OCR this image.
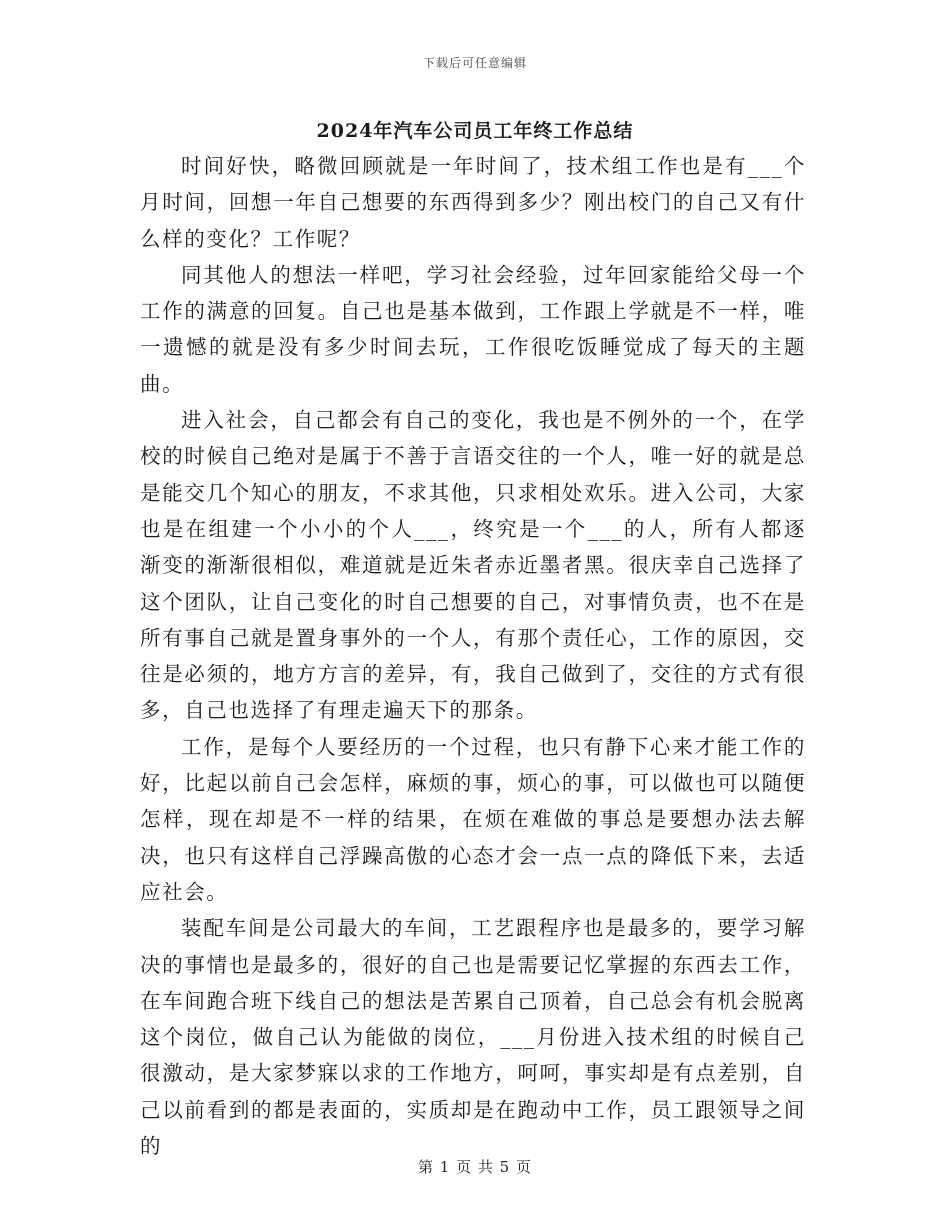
下载后可任意编辑
2024年汽车公司员工年终工作总结

时间好快，略微回顾就是一年时间了，技术组工作也是有___个月时间，回想一年自己想要的东西得到多少？刚出校门的自己又有什么样的变化？工作呢？

同其他人的想法一样吧，学习社会经验，过年回家能给父母一个工作的满意的回复。自己也是基本做到，工作跟上学就是不一样，唯一遗憾的就是没有多少时间去玩，工作很吃饭睡觉成了每天的主题曲。

进入社会，自己都会有自己的变化，我也是不例外的一个，在学校的时候自己绝对是属于不善于言语交往的一个人，唯一好的就是总是能交几个知心的朋友，不求其他，只求相处欢乐。进入公司，大家也是在组建一个小小的个人___，终究是一个___的人，所有人都逐渐变的渐渐很相似，难道就是近朱者赤近墨者黑。很庆幸自己选择了这个团队，让自己变化的时自己想要的自己，对事情负责，也不在是所有事自己就是置身事外的一个人，有那个责任心，工作的原因，交往是必须的，地方方言的差异，有，我自己做到了，交往的方式有很多，自己也选择了有理走遍天下的那条。

工作，是每个人要经历的一个过程，也只有静下心来才能工作的好，比起以前自己会怎样，麻烦的事，烦心的事，可以做也可以随便怎样，现在却是不一样的结果，在烦在难做的事总是要想办法去解决，也只有这样自己浮躁高傲的心态才会一点一点的降低下来，去适应社会。

装配车间是公司最大的车间，工艺跟程序也是最多的，要学习解决的事情也是最多的，很好的自己也是需要记忆掌握的东西去工作，在车间跑合班下线自己的想法是苦累自己顶着，自己总会有机会脱离这个岗位，做自己认为能做的岗位，___月份进入技术组的时候自己很激动，是大家梦寐以求的工作地方，呵呵，事实却是有点差别，自己以前看到的都是表面的，实质却是在跑动中工作，员工跟领导之间的

第 1 页 共 5 页
